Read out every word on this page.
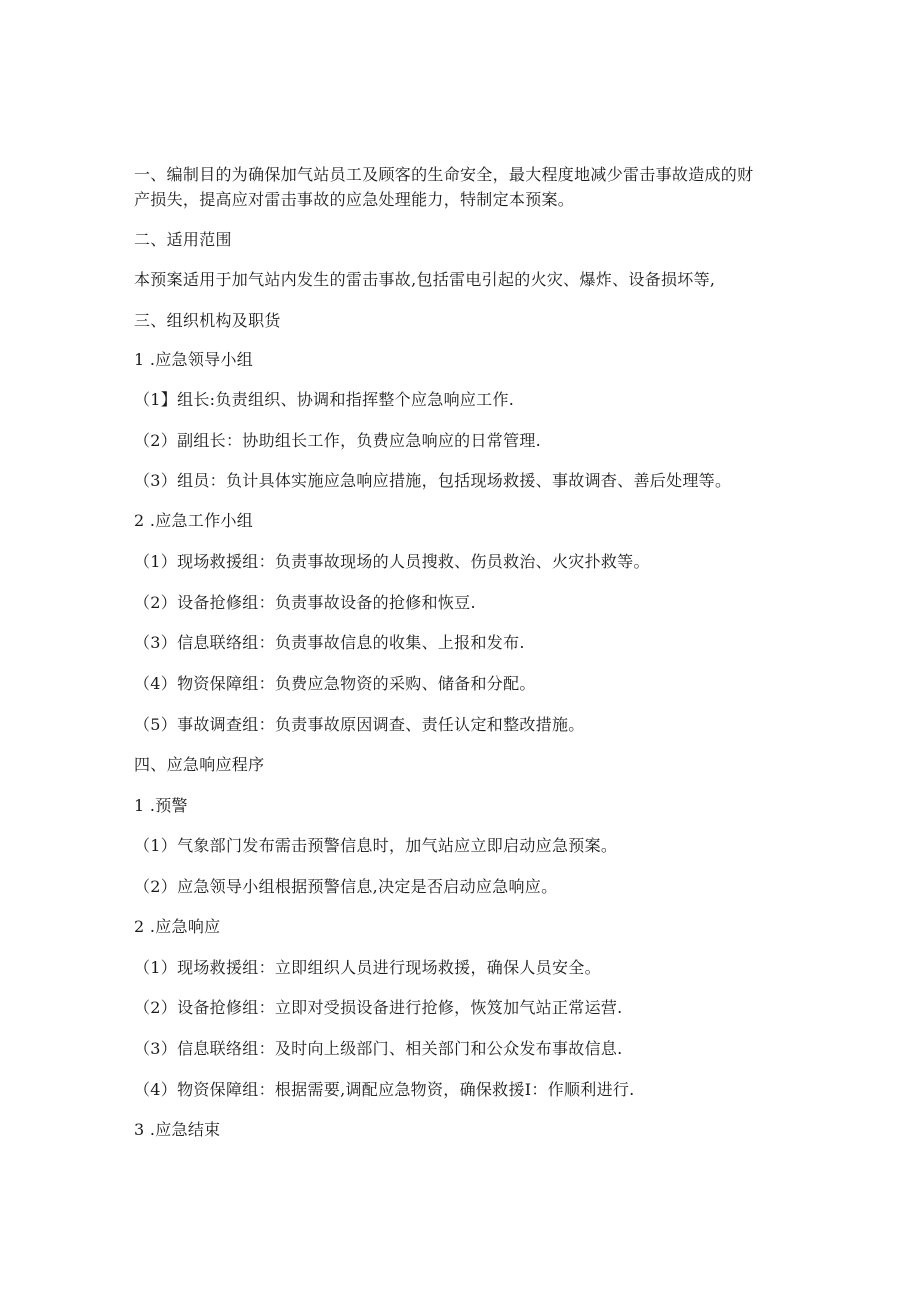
一、编制目的为确保加气站员工及顾客的生命安全，最大程度地减少雷击事故造成的财
产损失，提高应对雷击事故的应急处理能力，特制定本预案。
二、适用范围
本预案适用于加气站内发生的雷击事故,包括雷电引起的火灾、爆炸、设备损坏等,
三、组织机构及职货
1 .应急领导小组
（1】组长:负责组织、协调和指挥整个应急响应工作.
（2）副组长：协助组长工作，负费应急响应的日常管理.
（3）组员：负计具体实施应急响应措施，包括现场救援、事故调杳、善后处理等。
2 .应急工作小组
（1）现场救援组：负责事故现场的人员搜救、伤员救治、火灾扑救等。
（2）设备抢修组：负责事故设备的抢修和恢豆.
（3）信息联络组：负责事故信息的收集、上报和发布.
（4）物资保障组：负费应急物资的采购、储备和分配。
（5）事故调查组：负责事故原因调查、责任认定和整改措施。
四、应急响应程序
1 .预警
（1）气象部门发布需击预警信息时，加气站应立即启动应急预案。
（2）应急领导小组根据预警信息,决定是否启动应急响应。
2 .应急响应
（1）现场救援组：立即组织人员进行现场救援，确保人员安全。
（2）设备抢修组：立即对受损设备进行抢修，恢笈加气站正常运营.
（3）信息联络组：及时向上级部门、相关部门和公众发布事故信息.
（4）物资保障组：根据需要,调配应急物资，确保救援I：作顺利进行.
3 .应急结束
